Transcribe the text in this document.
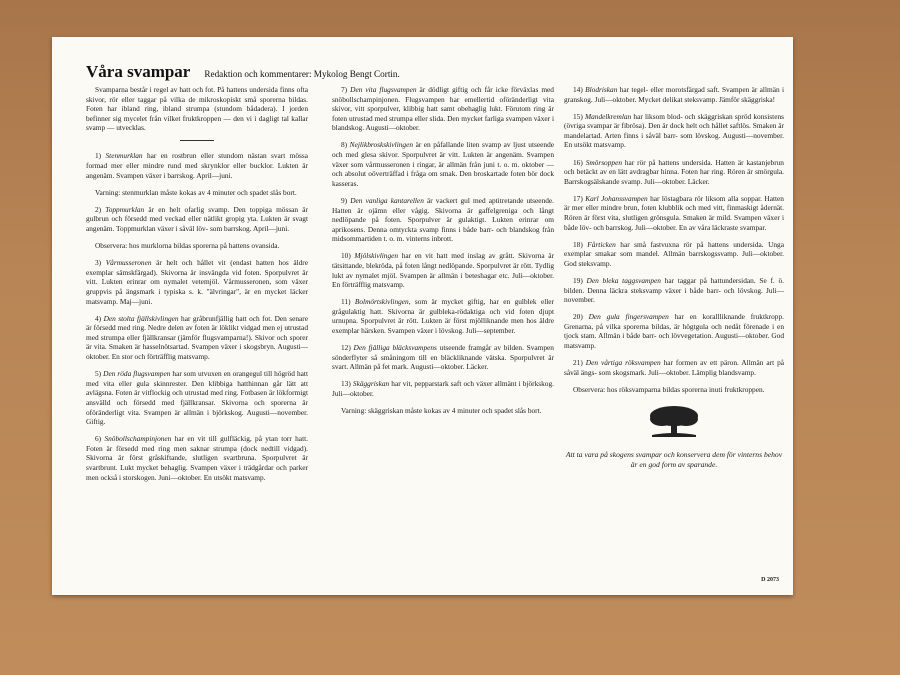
Våra svampar Redaktion och kommentarer: Mykolog Bengt Cortin.

Svamparna består i regel av hatt och fot. På hattens undersida finns ofta skivor, rör eller taggar på vilka de mikroskopiskt små sporerna bildas. Foten har ibland ring, ibland strumpa (stundom bådadera). I jorden befinner sig mycelet från vilket fruktkroppen — den vi i dagligt tal kallar svamp — utvecklas.

1) Stenmurklan har en rostbrun eller stundom nästan svart mössa formad mer eller mindre rund med skrynklor eller bucklor. Lukten är angenäm. Svampen växer i barrskog. April—juni.

Varning: stenmurklan måste kokas av 4 minuter och spadet slås bort.

2) Toppmurklan är en helt ofarlig svamp. Den toppiga mössan är gulbrun och försedd med veckad eller nätlikt gropig yta. Lukten är svagt angenäm. Toppmurklan växer i såväl löv- som barrskog. April—juni.

Observera: hos murklorna bildas sporerna på hattens ovansida.

3) Vårmusseronen är helt och hållet vit (endast hatten hos äldre exemplar sämskfärgad). Skivorna är insvängda vid foten. Sporpulvret är vitt. Lukten erinrar om nymalet vetemjöl. Vårmusseronen, som växer gruppvis på ängsmark i typiska s. k. "älvringar", är en mycket läcker matsvamp. Maj—juni.

4) Den stolta fjällskivlingen har gråbrunfjällig hatt och fot. Den senare är försedd med ring. Nedre delen av foten är löklikt vidgad men ej utrustad med strumpa eller fjällkransar (jämför flugsvamparna!). Skivor och sporer är vita. Smaken är hasselnötsartad. Svampen växer i skogsbryn. Augusti—oktober. En stor och förträfflig matsvamp.

5) Den röda flugsvampen har som utvuxen en orangegul till högröd hatt med vita eller gula skinnrester. Den klibbiga hatthinnan går lätt att avlägsna. Foten är vitflockig och utrustad med ring. Fotbasen är lökformigt ansvälld och försedd med fjällkransar. Skivorna och sporerna är oföränderligt vita. Svampen är allmän i björkskog. Augusti—november. Giftig.

6) Snöbollschampinjonen har en vit till gulfläckig, på ytan torr hatt. Foten är försedd med ring men saknar strumpa (dock nedtill vidgad). Skivorna är först gråskiftande, slutligen svartbruna. Sporpulvret är svartbrunt. Lukt mycket behaglig. Svampen växer i trädgårdar och parker men också i storskogen. Juni—oktober. En utsökt matsvamp.

7) Den vita flugsvampen är dödligt giftig och får icke förväxlas med snöbollschampinjonen. Flugsvampen har emellertid oföränderligt vita skivor, vitt sporpulver, klibbig hatt samt obehaglig lukt. Förutom ring är foten utrustad med strumpa eller slida. Den mycket farliga svampen växer i blandskog. Augusti—oktober.

8) Nejlikbroskskivlingen är en påfallande liten svamp av ljust utseende och med glesa skivor. Sporpulvret är vitt. Lukten är angenäm. Svampen växer som vårmusseronen i ringar, är allmän från juni t. o. m. oktober — och absolut oöverträffad i fråga om smak. Den broskartade foten bör dock kasseras.

9) Den vanliga kantarellen är vackert gul med aptitretande utseende. Hatten är ojämn eller vågig. Skivorna är gaffelgreniga och långt nedlöpande på foten. Sporpulver är gulaktigt. Lukten erinrar om aprikosens. Denna omtyckta svamp finns i både barr- och blandskog från midsommartiden t. o. m. vinterns inbrott.

10) Mjölskivlingen har en vit hatt med inslag av grått. Skivorna är tätsittande, blekröda, på foten långt nedlöpande. Sporpulvret är rött. Tydlig lukt av nymalet mjöl. Svampen är allmän i beteshagar etc. Juli—oktober. En förträfflig matsvamp.

11) Bolmörtskivlingen, som är mycket giftig, har en gulblek eller grågulaktig hatt. Skivorna är gulbleka-rödaktiga och vid foten djupt urnupna. Sporpulvret är rött. Lukten är först mjölliknande men hos äldre exemplar härsken. Svampen växer i lövskog. Juli—september.

12) Den fjälliga bläcksvampens utseende framgår av bilden. Svampen sönderflyter så småningom till en bläckliknande vätska. Sporpulvret är svart. Allmän på fet mark. Augusti—oktober. Läcker.

13) Skäggriskan har vit, pepparstark saft och växer allmänt i björkskog. Juli—oktober.

Varning: skäggriskan måste kokas av 4 minuter och spadet slås bort.

14) Blodriskan har tegel- eller morotsfärgad saft. Svampen är allmän i granskog. Juli—oktober. Mycket delikat steksvamp. Jämför skäggriska!

15) Mandelkremlan har liksom blod- och skäggriskan spröd konsistens (övriga svampar är fibrösa). Den är dock helt och hållet saftlös. Smaken är mandelartad. Arten finns i såväl barr- som lövskog. Augusti—november. En utsökt matsvamp.

16) Smörsoppen har rör på hattens undersida. Hatten är kastanjebrun och betäckt av en lätt avdragbar hinna. Foten har ring. Rören är smörgula. Barrskogsälskande svamp. Juli—oktober. Läcker.

17) Karl Johanssvampen har löstagbara rör liksom alla soppar. Hatten är mer eller mindre brun, foten klubblik och med vitt, finmaskigt ådernät. Rören är först vita, slutligen grönsgula. Smaken är mild. Svampen växer i både löv- och barrskog. Juli—oktober. En av våra läckraste svampar.

18) Fårticken har små fastvuxna rör på hattens undersida. Unga exemplar smakar som mandel. Allmän barrskogssvamp. Juli—oktober. God steksvamp.

19) Den bleka taggsvampen har taggar på hattundersidan. Se f. ö. bilden. Denna läckra steksvamp växer i både barr- och lövskog. Juli—november.

20) Den gula fingersvampen har en korallliknande fruktkropp. Grenarna, på vilka sporerna bildas, är högtgula och nedåt förenade i en tjock stam. Allmän i både barr- och lövvegetation. Augusti—oktober. God matsvamp.

21) Den vårtiga röksvampen har formen av ett päron. Allmän art på såväl ängs- som skogsmark. Juli—oktober. Lämplig blandsvamp.

Observera: hos röksvamparna bildas sporerna inuti fruktkroppen.

Att ta vara på skogens svampar och konservera dem för vinterns behov är en god form av sparande.

D 2073
